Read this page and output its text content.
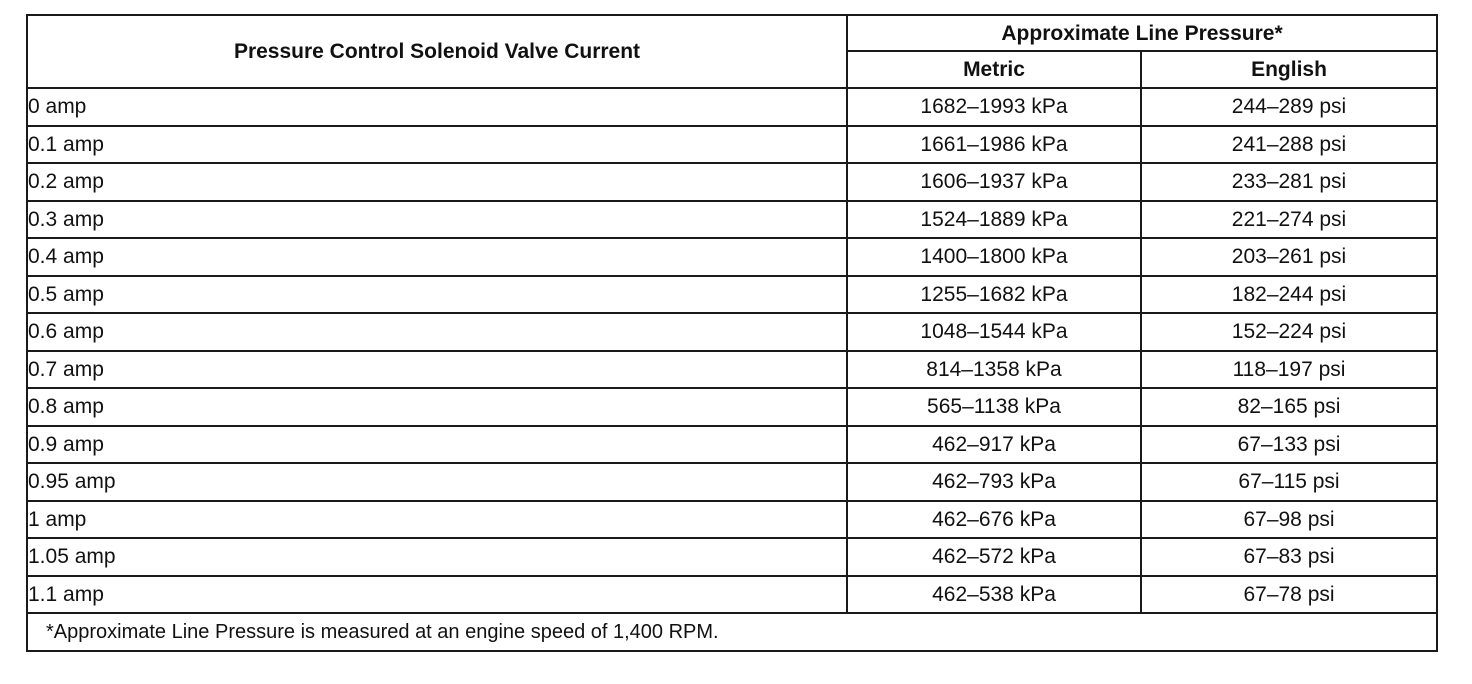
Pressure Control Solenoid Valve Current	Approximate Line Pressure*	
	Metric	English
0 amp	1682–1993 kPa	244–289 psi
0.1 amp	1661–1986 kPa	241–288 psi
0.2 amp	1606–1937 kPa	233–281 psi
0.3 amp	1524–1889 kPa	221–274 psi
0.4 amp	1400–1800 kPa	203–261 psi
0.5 amp	1255–1682 kPa	182–244 psi
0.6 amp	1048–1544 kPa	152–224 psi
0.7 amp	814–1358 kPa	118–197 psi
0.8 amp	565–1138 kPa	82–165 psi
0.9 amp	462–917 kPa	67–133 psi
0.95 amp	462–793 kPa	67–115 psi
1 amp	462–676 kPa	67–98 psi
1.05 amp	462–572 kPa	67–83 psi
1.1 amp	462–538 kPa	67–78 psi
*Approximate Line Pressure is measured at an engine speed of 1,400 RPM.		
